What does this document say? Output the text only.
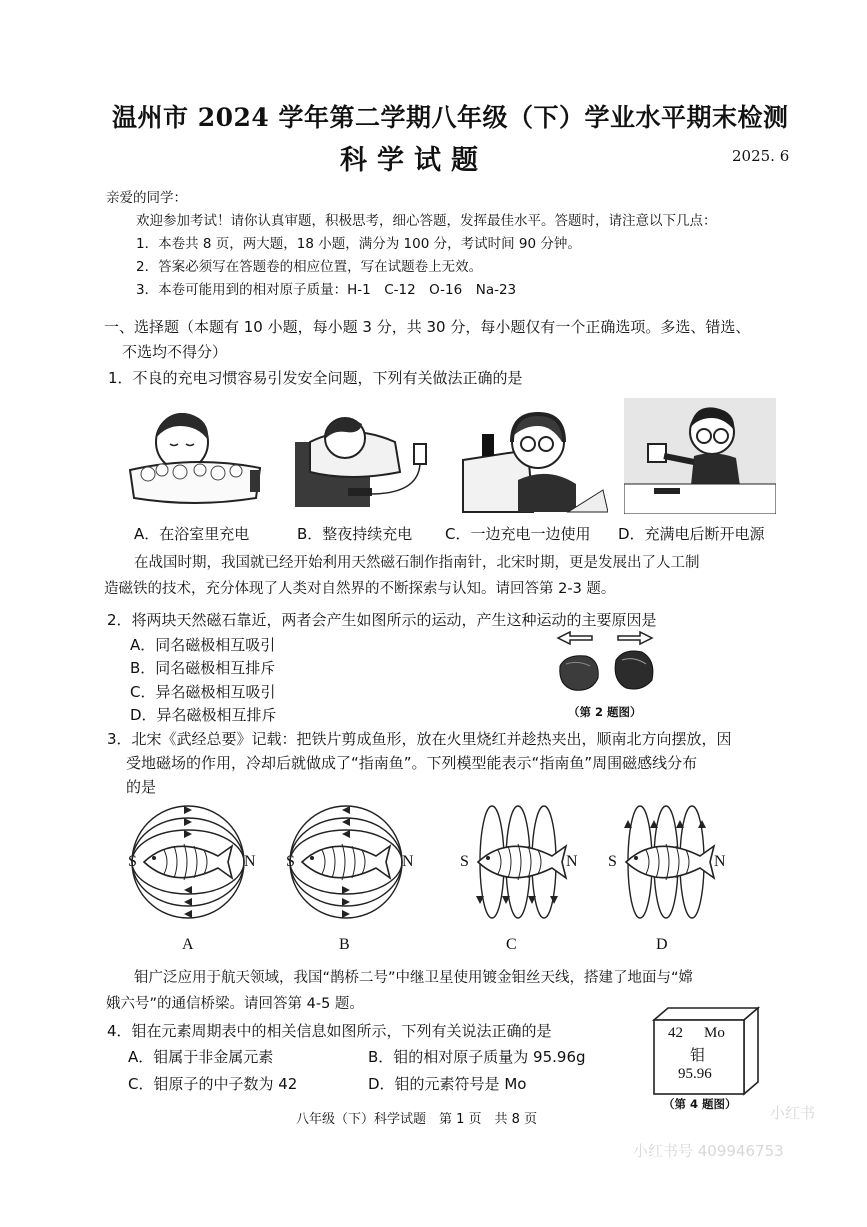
温州市 2024 学年第二学期八年级（下）学业水平期末检测
科学试题	2025. 6
亲爱的同学：
欢迎参加考试！请你认真审题，积极思考，细心答题，发挥最佳水平。答题时，请注意以下几点：
1．本卷共 8 页，两大题，18 小题，满分为 100 分，考试时间 90 分钟。
2．答案必须写在答题卷的相应位置，写在试题卷上无效。
3．本卷可能用到的相对原子质量：H-1　C-12　O-16　Na-23
一、选择题（本题有 10 小题，每小题 3 分，共 30 分，每小题仅有一个正确选项。多选、错选、
不选均不得分）
1．不良的充电习惯容易引发安全问题，下列有关做法正确的是
A．在浴室里充电	B．整夜持续充电 C．一边充电一边使用 D．充满电后断开电源
在战国时期，我国就已经开始利用天然磁石制作指南针，北宋时期，更是发展出了人工制
造磁铁的技术，充分体现了人类对自然界的不断探索与认知。请回答第 2-3 题。
2．将两块天然磁石靠近，两者会产生如图所示的运动，产生这种运动的主要原因是
A．同名磁极相互吸引
B．同名磁极相互排斥
C．异名磁极相互吸引
D．异名磁极相互排斥	（第 2 题图）
3．北宋《武经总要》记载：把铁片剪成鱼形，放在火里烧红并趁热夹出，顺南北方向摆放，因
受地磁场的作用，冷却后就做成了“指南鱼”。下列模型能表示“指南鱼”周围磁感线分布
的是
S	N S	N	S	N S	N
A	B	C	D
钼广泛应用于航天领域，我国“鹊桥二号”中继卫星使用镀金钼丝天线，搭建了地面与“嫦
娥六号”的通信桥梁。请回答第 4-5 题。
4．钼在元素周期表中的相关信息如图所示，下列有关说法正确的是
A．钼属于非金属元素	B．钼的相对原子质量为 95.96g
C．钼原子的中子数为 42	D．钼的元素符号是 Mo
42 Mo
钼
95.96
（第 4 题图）
八年级（下）科学试题　第 1 页　共 8 页	小红书
小红书号 409946753
